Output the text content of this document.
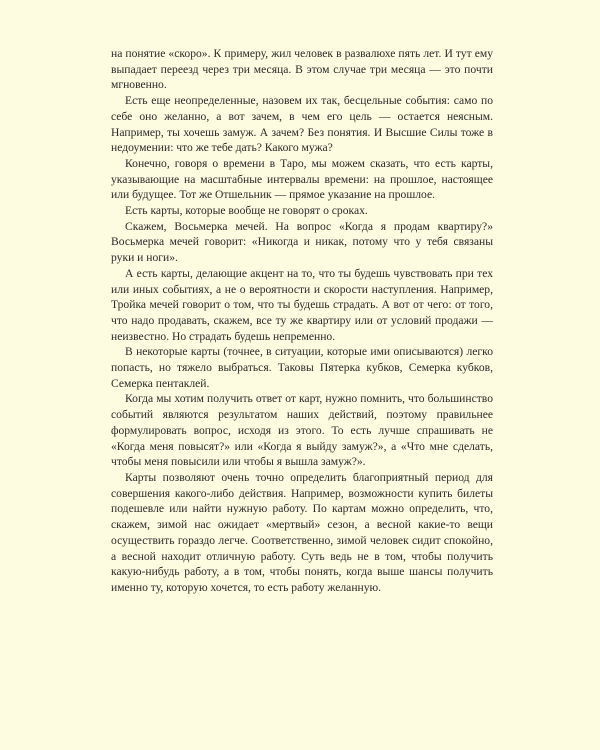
на понятие «скоро». К примеру, жил человек в развалюхе пять лет. И тут ему выпадает переезд через три месяца. В этом случае три месяца — это почти мгновенно.

Есть еще неопределенные, назовем их так, бесцельные события: само по себе оно желанно, а вот зачем, в чем его цель — остается неясным. Например, ты хочешь замуж. А зачем? Без понятия. И Высшие Силы тоже в недоумении: что же тебе дать? Какого мужа?

Конечно, говоря о времени в Таро, мы можем сказать, что есть карты, указывающие на масштабные интервалы времени: на прошлое, настоящее или будущее. Тот же Отшельник — прямое указание на прошлое.

Есть карты, которые вообще не говорят о сроках.

Скажем, Восьмерка мечей. На вопрос «Когда я продам квартиру?» Восьмерка мечей говорит: «Никогда и никак, потому что у тебя связаны руки и ноги».

А есть карты, делающие акцент на то, что ты будешь чувствовать при тех или иных событиях, а не о вероятности и скорости наступления. Например, Тройка мечей говорит о том, что ты будешь страдать. А вот от чего: от того, что надо продавать, скажем, все ту же квартиру или от условий продажи — неизвестно. Но страдать будешь непременно.

В некоторые карты (точнее, в ситуации, которые ими описываются) легко попасть, но тяжело выбраться. Таковы Пятерка кубков, Семерка кубков, Семерка пентаклей.

Когда мы хотим получить ответ от карт, нужно помнить, что большинство событий являются результатом наших действий, поэтому правильнее формулировать вопрос, исходя из этого. То есть лучше спрашивать не «Когда меня повысят?» или «Когда я выйду замуж?», а «Что мне сделать, чтобы меня повысили или чтобы я вышла замуж?».

Карты позволяют очень точно определить благоприятный период для совершения какого-либо действия. Например, возможности купить билеты подешевле или найти нужную работу. По картам можно определить, что, скажем, зимой нас ожидает «мертвый» сезон, а весной какие-то вещи осуществить гораздо легче. Соответственно, зимой человек сидит спокойно, а весной находит отличную работу. Суть ведь не в том, чтобы получить какую-нибудь работу, а в том, чтобы понять, когда выше шансы получить именно ту, которую хочется, то есть работу желанную.
